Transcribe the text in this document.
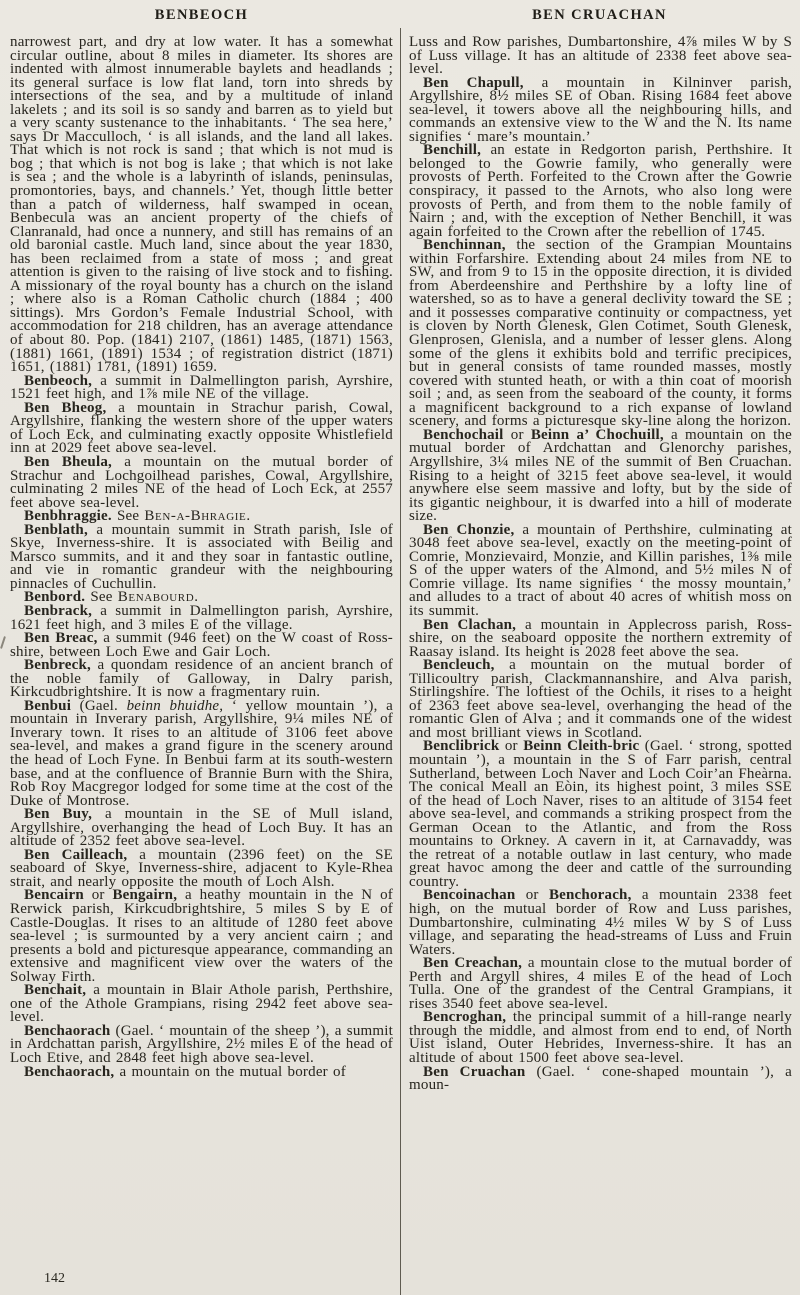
BENBEOCH	BEN CRUACHAN

narrowest part, and dry at low water. It has a somewhat circular outline, about 8 miles in diameter. Its shores are indented with almost innumerable baylets and headlands ; its general surface is low flat land, torn into shreds by intersections of the sea, and by a multitude of inland lakelets ; and its soil is so sandy and barren as to yield but a very scanty sustenance to the inhabitants. ‘ The sea here,’ says Dr Macculloch, ‘ is all islands, and the land all lakes. That which is not rock is sand ; that which is not mud is bog ; that which is not bog is lake ; that which is not lake is sea ; and the whole is a labyrinth of islands, peninsulas, promontories, bays, and channels.’ Yet, though little better than a patch of wilderness, half swamped in ocean, Benbecula was an ancient property of the chiefs of Clanranald, had once a nunnery, and still has remains of an old baronial castle. Much land, since about the year 1830, has been reclaimed from a state of moss ; and great attention is given to the raising of live stock and to fishing. A missionary of the royal bounty has a church on the island ; where also is a Roman Catholic church (1884 ; 400 sittings). Mrs Gordon’s Female Industrial School, with accommodation for 218 children, has an average attendance of about 80. Pop. (1841) 2107, (1861) 1485, (1871) 1563, (1881) 1661, (1891) 1534 ; of registration district (1871) 1651, (1881) 1781, (1891) 1659.

Benbeoch, a summit in Dalmellington parish, Ayrshire, 1521 feet high, and 1⅞ mile NE of the village.

Ben Bheog, a mountain in Strachur parish, Cowal, Argyllshire, flanking the western shore of the upper waters of Loch Eck, and culminating exactly opposite Whistlefield inn at 2029 feet above sea-level.

Ben Bheula, a mountain on the mutual border of Strachur and Lochgoilhead parishes, Cowal, Argyllshire, culminating 2 miles NE of the head of Loch Eck, at 2557 feet above sea-level.

Benbhraggie. See Ben-a-Bhragie.

Benblath, a mountain summit in Strath parish, Isle of Skye, Inverness-shire. It is associated with Beilig and Marsco summits, and it and they soar in fantastic outline, and vie in romantic grandeur with the neighbouring pinnacles of Cuchullin.

Benbord. See Benabourd.

Benbrack, a summit in Dalmellington parish, Ayrshire, 1621 feet high, and 3 miles E of the village.

Ben Breac, a summit (946 feet) on the W coast of Ross-shire, between Loch Ewe and Gair Loch.

Benbreck, a quondam residence of an ancient branch of the noble family of Galloway, in Dalry parish, Kirkcudbrightshire. It is now a fragmentary ruin.

Benbui (Gael. beinn bhuidhe, ‘ yellow mountain ’), a mountain in Inverary parish, Argyllshire, 9¼ miles NE of Inverary town. It rises to an altitude of 3106 feet above sea-level, and makes a grand figure in the scenery around the head of Loch Fyne. In Benbui farm at its south-western base, and at the confluence of Brannie Burn with the Shira, Rob Roy Macgregor lodged for some time at the cost of the Duke of Montrose.

Ben Buy, a mountain in the SE of Mull island, Argyllshire, overhanging the head of Loch Buy. It has an altitude of 2352 feet above sea-level.

Ben Cailleach, a mountain (2396 feet) on the SE seaboard of Skye, Inverness-shire, adjacent to Kyle-Rhea strait, and nearly opposite the mouth of Loch Alsh.

Bencairn or Bengairn, a heathy mountain in the N of Rerwick parish, Kirkcudbrightshire, 5 miles S by E of Castle-Douglas. It rises to an altitude of 1280 feet above sea-level ; is surmounted by a very ancient cairn ; and presents a bold and picturesque appearance, commanding an extensive and magnificent view over the waters of the Solway Firth.

Benchait, a mountain in Blair Athole parish, Perthshire, one of the Athole Grampians, rising 2942 feet above sea-level.

Benchaorach (Gael. ‘ mountain of the sheep ’), a summit in Ardchattan parish, Argyllshire, 2½ miles E of the head of Loch Etive, and 2848 feet high above sea-level.

Benchaorach, a mountain on the mutual border of

Luss and Row parishes, Dumbartonshire, 4⅞ miles W by S of Luss village. It has an altitude of 2338 feet above sea-level.

Ben Chapull, a mountain in Kilninver parish, Argyllshire, 8½ miles SE of Oban. Rising 1684 feet above sea-level, it towers above all the neighbouring hills, and commands an extensive view to the W and the N. Its name signifies ‘ mare’s mountain.’

Benchill, an estate in Redgorton parish, Perthshire. It belonged to the Gowrie family, who generally were provosts of Perth. Forfeited to the Crown after the Gowrie conspiracy, it passed to the Arnots, who also long were provosts of Perth, and from them to the noble family of Nairn ; and, with the exception of Nether Benchill, it was again forfeited to the Crown after the rebellion of 1745.

Benchinnan, the section of the Grampian Mountains within Forfarshire. Extending about 24 miles from NE to SW, and from 9 to 15 in the opposite direction, it is divided from Aberdeenshire and Perthshire by a lofty line of watershed, so as to have a general declivity toward the SE ; and it possesses comparative continuity or compactness, yet is cloven by North Glenesk, Glen Cotimet, South Glenesk, Glenprosen, Glenisla, and a number of lesser glens. Along some of the glens it exhibits bold and terrific precipices, but in general consists of tame rounded masses, mostly covered with stunted heath, or with a thin coat of moorish soil ; and, as seen from the seaboard of the county, it forms a magnificent background to a rich expanse of lowland scenery, and forms a picturesque sky-line along the horizon.

Benchochail or Beinn a’ Chochuill, a mountain on the mutual border of Ardchattan and Glenorchy parishes, Argyllshire, 3¼ miles NE of the summit of Ben Cruachan. Rising to a height of 3215 feet above sea-level, it would anywhere else seem massive and lofty, but by the side of its gigantic neighbour, it is dwarfed into a hill of moderate size.

Ben Chonzie, a mountain of Perthshire, culminating at 3048 feet above sea-level, exactly on the meeting-point of Comrie, Monzievaird, Monzie, and Killin parishes, 1⅜ mile S of the upper waters of the Almond, and 5½ miles N of Comrie village. Its name signifies ‘ the mossy mountain,’ and alludes to a tract of about 40 acres of whitish moss on its summit.

Ben Clachan, a mountain in Applecross parish, Ross-shire, on the seaboard opposite the northern extremity of Raasay island. Its height is 2028 feet above the sea.

Bencleuch, a mountain on the mutual border of Tillicoultry parish, Clackmannanshire, and Alva parish, Stirlingshire. The loftiest of the Ochils, it rises to a height of 2363 feet above sea-level, overhanging the head of the romantic Glen of Alva ; and it commands one of the widest and most brilliant views in Scotland.

Benclibrick or Beinn Cleith-bric (Gael. ‘ strong, spotted mountain ’), a mountain in the S of Farr parish, central Sutherland, between Loch Naver and Loch Coir’an Fheàrna. The conical Meall an Eòin, its highest point, 3 miles SSE of the head of Loch Naver, rises to an altitude of 3154 feet above sea-level, and commands a striking prospect from the German Ocean to the Atlantic, and from the Ross mountains to Orkney. A cavern in it, at Carnavaddy, was the retreat of a notable outlaw in last century, who made great havoc among the deer and cattle of the surrounding country.

Bencoinachan or Benchorach, a mountain 2338 feet high, on the mutual border of Row and Luss parishes, Dumbartonshire, culminating 4½ miles W by S of Luss village, and separating the head-streams of Luss and Fruin Waters.

Ben Creachan, a mountain close to the mutual border of Perth and Argyll shires, 4 miles E of the head of Loch Tulla. One of the grandest of the Central Grampians, it rises 3540 feet above sea-level.

Bencroghan, the principal summit of a hill-range nearly through the middle, and almost from end to end, of North Uist island, Outer Hebrides, Inverness-shire. It has an altitude of about 1500 feet above sea-level.

Ben Cruachan (Gael. ‘ cone-shaped mountain ’), a moun-

142
